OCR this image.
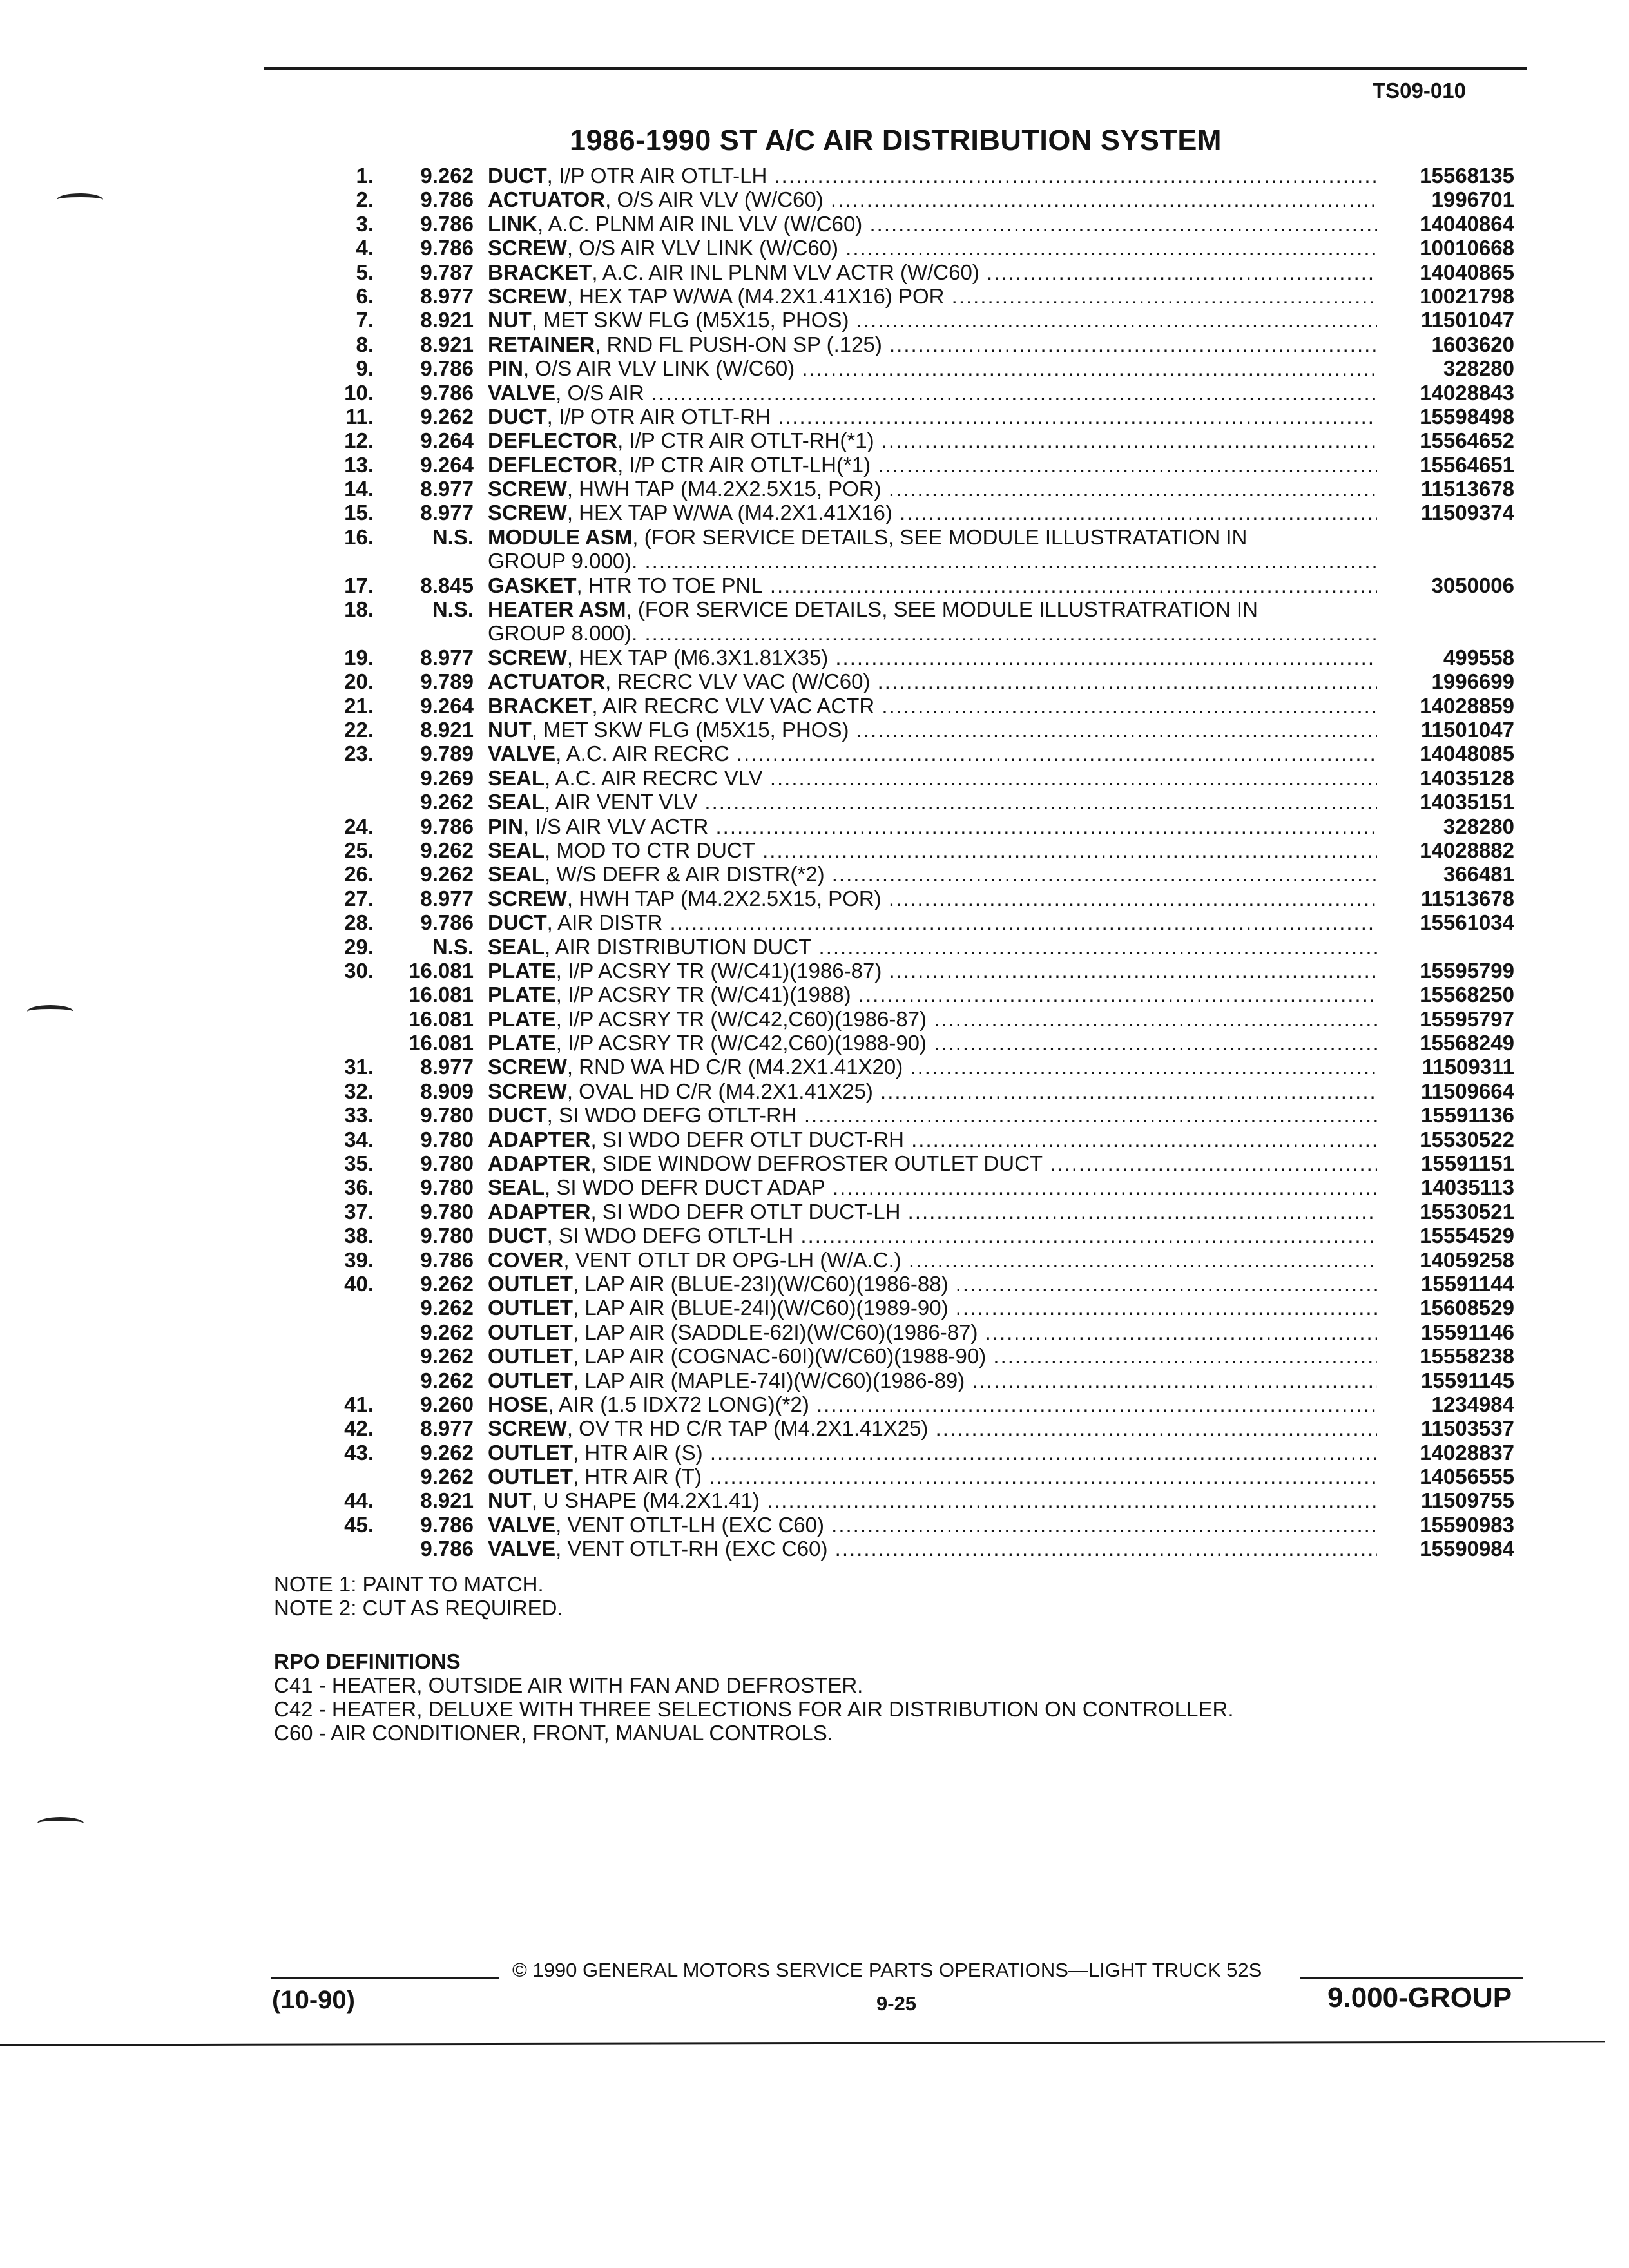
TS09-010
1986-1990 ST A/C AIR DISTRIBUTION SYSTEM
1.	9.262 DUCT, I/P OTR AIR OTLT-LH .....	15568135
2.	9.786 ACTUATOR, O/S AIR VLV (W/C60) .....	1996701
3.	9.786 LINK, A.C. PLNM AIR INL VLV (W/C60) .....	14040864
4.	9.786 SCREW, O/S AIR VLV LINK (W/C60) .....	10010668
5.	9.787 BRACKET, A.C. AIR INL PLNM VLV ACTR (W/C60) .....	14040865
6.	8.977 SCREW, HEX TAP W/WA (M4.2X1.41X16) POR .....	10021798
7.	8.921 NUT, MET SKW FLG (M5X15, PHOS) .....	11501047
8.	8.921 RETAINER, RND FL PUSH-ON SP (.125) .....	1603620
9.	9.786 PIN, O/S AIR VLV LINK (W/C60) .....	328280
10.	9.786 VALVE, O/S AIR .....	14028843
11.	9.262 DUCT, I/P OTR AIR OTLT-RH .....	15598498
12.	9.264 DEFLECTOR, I/P CTR AIR OTLT-RH(*1) .....	15564652
13.	9.264 DEFLECTOR, I/P CTR AIR OTLT-LH(*1) .....	15564651
14.	8.977 SCREW, HWH TAP (M4.2X2.5X15, POR) .....	11513678
15.	8.977 SCREW, HEX TAP W/WA (M4.2X1.41X16) .....	11509374
16.	N.S. MODULE ASM, (FOR SERVICE DETAILS, SEE MODULE ILLUSTRATATION IN
GROUP 9.000). .....
17.	8.845 GASKET, HTR TO TOE PNL .....	3050006
18.	N.S. HEATER ASM, (FOR SERVICE DETAILS, SEE MODULE ILLUSTRATRATION IN
GROUP 8.000). .....
19.	8.977 SCREW, HEX TAP (M6.3X1.81X35) .....	499558
20.	9.789 ACTUATOR, RECRC VLV VAC (W/C60) .....	1996699
21.	9.264 BRACKET, AIR RECRC VLV VAC ACTR .....	14028859
22.	8.921 NUT, MET SKW FLG (M5X15, PHOS) .....	11501047
23.	9.789 VALVE, A.C. AIR RECRC .....	14048085
9.269 SEAL, A.C. AIR RECRC VLV .....	14035128
9.262 SEAL, AIR VENT VLV .....	14035151
24.	9.786 PIN, I/S AIR VLV ACTR .....	328280
25.	9.262 SEAL, MOD TO CTR DUCT .....	14028882
26.	9.262 SEAL, W/S DEFR & AIR DISTR(*2) .....	366481
27.	8.977 SCREW, HWH TAP (M4.2X2.5X15, POR) .....	11513678
28.	9.786 DUCT, AIR DISTR .....	15561034
29.	N.S. SEAL, AIR DISTRIBUTION DUCT .....
30.	16.081 PLATE, I/P ACSRY TR (W/C41)(1986-87) .....	15595799
16.081 PLATE, I/P ACSRY TR (W/C41)(1988) .....	15568250
16.081 PLATE, I/P ACSRY TR (W/C42,C60)(1986-87) .....	15595797
16.081 PLATE, I/P ACSRY TR (W/C42,C60)(1988-90) .....	15568249
31.	8.977 SCREW, RND WA HD C/R (M4.2X1.41X20) .....	11509311
32.	8.909 SCREW, OVAL HD C/R (M4.2X1.41X25) .....	11509664
33.	9.780 DUCT, SI WDO DEFG OTLT-RH .....	15591136
34.	9.780 ADAPTER, SI WDO DEFR OTLT DUCT-RH .....	15530522
35.	9.780 ADAPTER, SIDE WINDOW DEFROSTER OUTLET DUCT .....	15591151
36.	9.780 SEAL, SI WDO DEFR DUCT ADAP .....	14035113
37.	9.780 ADAPTER, SI WDO DEFR OTLT DUCT-LH .....	15530521
38.	9.780 DUCT, SI WDO DEFG OTLT-LH .....	15554529
39.	9.786 COVER, VENT OTLT DR OPG-LH (W/A.C.) .....	14059258
40.	9.262 OUTLET, LAP AIR (BLUE-23I)(W/C60)(1986-88) .....	15591144
9.262 OUTLET, LAP AIR (BLUE-24I)(W/C60)(1989-90) .....	15608529
9.262 OUTLET, LAP AIR (SADDLE-62I)(W/C60)(1986-87) .....	15591146
9.262 OUTLET, LAP AIR (COGNAC-60I)(W/C60)(1988-90) .....	15558238
9.262 OUTLET, LAP AIR (MAPLE-74I)(W/C60)(1986-89) .....	15591145
41.	9.260 HOSE, AIR (1.5 IDX72 LONG)(*2) .....	1234984
42.	8.977 SCREW, OV TR HD C/R TAP (M4.2X1.41X25) .....	11503537
43.	9.262 OUTLET, HTR AIR (S) .....	14028837
9.262 OUTLET, HTR AIR (T) .....	14056555
44.	8.921 NUT, U SHAPE (M4.2X1.41) .....	11509755
45.	9.786 VALVE, VENT OTLT-LH (EXC C60) .....	15590983
9.786 VALVE, VENT OTLT-RH (EXC C60) .....	15590984
NOTE 1: PAINT TO MATCH.
NOTE 2: CUT AS REQUIRED.
RPO DEFINITIONS
C41 - HEATER, OUTSIDE AIR WITH FAN AND DEFROSTER.
C42 - HEATER, DELUXE WITH THREE SELECTIONS FOR AIR DISTRIBUTION ON CONTROLLER.
C60 - AIR CONDITIONER, FRONT, MANUAL CONTROLS.
© 1990 GENERAL MOTORS SERVICE PARTS OPERATIONS—LIGHT TRUCK 52S
(10-90)	9-25	9.000-GROUP
